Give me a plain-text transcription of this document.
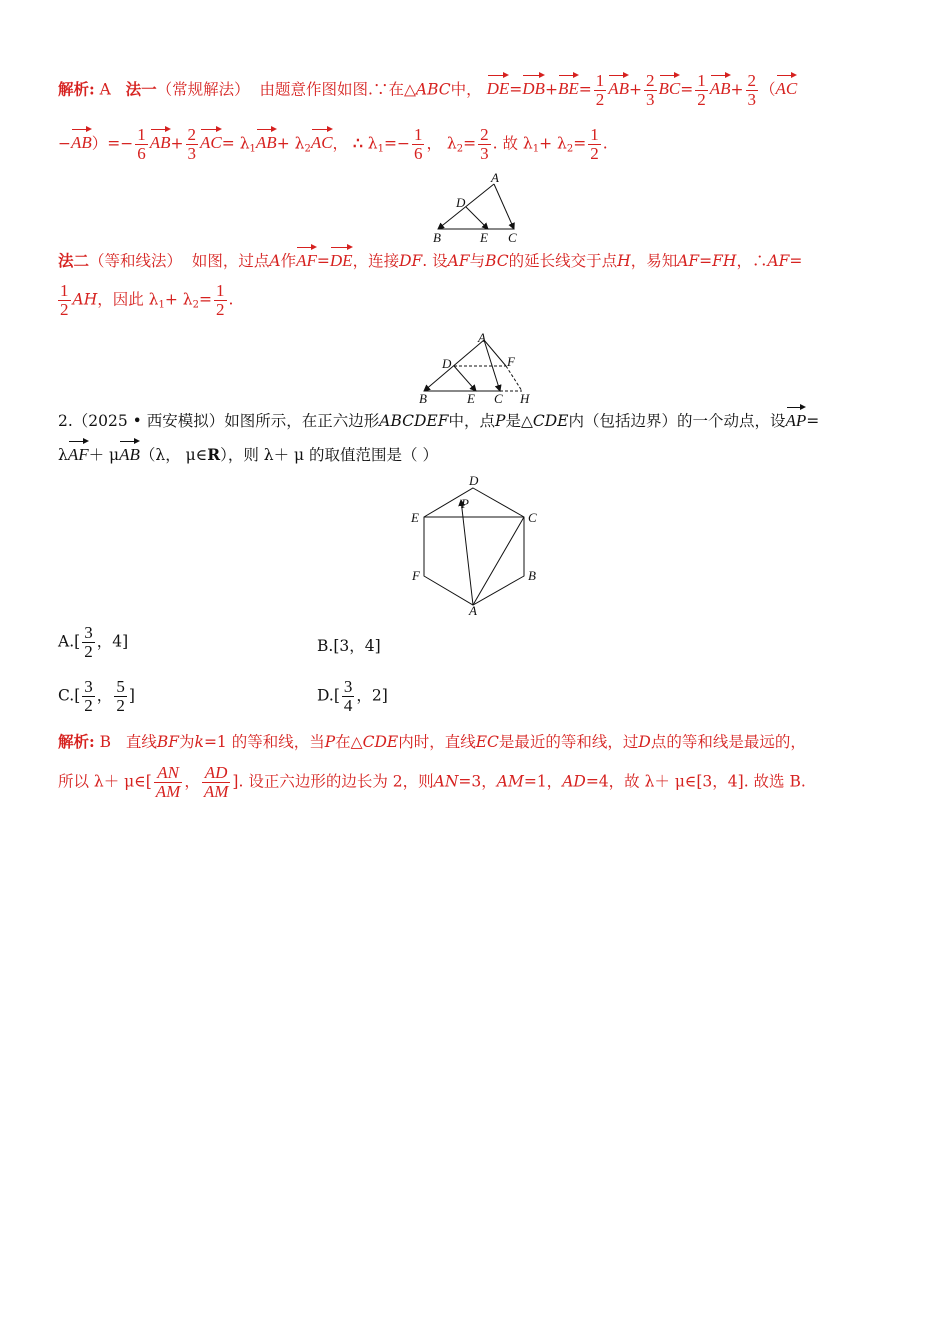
解析: A 法一（常规解法） 由题意作图如图.∵在△ABC中， $DE=DB+BE= \frac{1}{2} AB+ \frac{2}{3} BC= \frac{1}{2} AB+ \frac{2}{3} (AC$
$-AB)=- \frac{1}{6} AB+ \frac{2}{3} AC= \lambda_1AB+ \lambda_2AC$， ∴ $\lambda_1=- \frac{1}{6}$ ， $\lambda_2= \frac{2}{3}$ . 故 $\lambda_1+ \lambda_2= \frac{1}{2}$ .
A
D
B	E C
法二（等和线法） 如图，过点A作AF=DE，连接DF. 设AF与BC的延长线交于点H，易知AF=FH，∴AF=
$\frac{1}{2}$ AH，因此 $\lambda_1+ \lambda_2= \frac{1}{2}$ .
A
D	F
B	E C H
2.（2025 • 西安模拟）如图所示，在正六边形ABCDEF中，点P是△CDE内（包括边界）的一个动点，设AP=
λAF＋ μAB（λ， μ∈R），则 λ＋ μ 的取值范围是（ ）
D
P
E	C
F	B
A
$A.[ \frac{3}{2}$ ，4]	B.[3，4]
$C.[ \frac{3}{2}$ ， $\frac{5}{2}$ ]	$D.[ \frac{3}{4}$ ，2]
解析: B 直线BF为k=1 的等和线，当P在△CDE内时，直线EC是最近的等和线，过D点的等和线是最远的，
所以 λ＋ μ∈[ $\frac{AN}{AM}$ ， $\frac{AD}{AM}$ ]. 设正六边形的边长为 2，则AN=3，AM=1，AD=4，故 λ＋ μ∈[3，4]. 故选 B.
